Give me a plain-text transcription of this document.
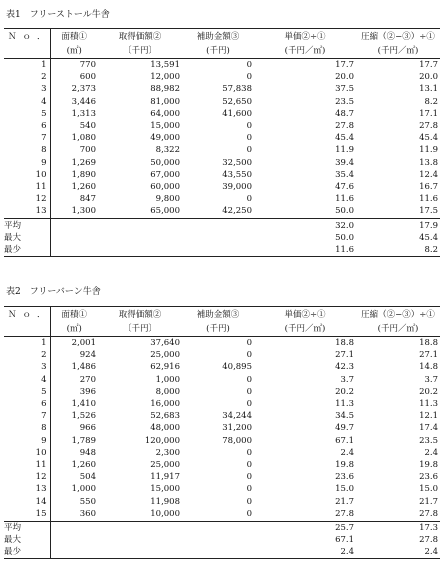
表1　フリーストール牛舎
Ｎｏ．	面積①	取得価額②	補助金額③	単価②÷①	圧縮（②−③）÷①
	(㎡)	〔千円〕	(千円)	(千円／㎡)	(千円／㎡)
1	770	13,591	0	17.7	17.7
2	600	12,000	0	20.0	20.0
3	2,373	88,982	57,838	37.5	13.1
4	3,446	81,000	52,650	23.5	8.2
5	1,313	64,000	41,600	48.7	17.1
6	540	15,000	0	27.8	27.8
7	1,080	49,000	0	45.4	45.4
8	700	8,322	0	11.9	11.9
9	1,269	50,000	32,500	39.4	13.8
10	1,890	67,000	43,550	35.4	12.4
11	1,260	60,000	39,000	47.6	16.7
12	847	9,800	0	11.6	11.6
13	1,300	65,000	42,250	50.0	17.5
平均				32.0	17.9
最大				50.0	45.4
最少				11.6	8.2
表2　フリーバーン牛舎
Ｎｏ．	面積①	取得価額②	補助金額③	単価②÷①	圧縮（②−③）÷①
	(㎡)	〔千円〕	(千円)	(千円／㎡)	(千円／㎡)
1	2,001	37,640	0	18.8	18.8
2	924	25,000	0	27.1	27.1
3	1,486	62,916	40,895	42.3	14.8
4	270	1,000	0	3.7	3.7
5	396	8,000	0	20.2	20.2
6	1,410	16,000	0	11.3	11.3
7	1,526	52,683	34,244	34.5	12.1
8	966	48,000	31,200	49.7	17.4
9	1,789	120,000	78,000	67.1	23.5
10	948	2,300	0	2.4	2.4
11	1,260	25,000	0	19.8	19.8
12	504	11,917	0	23.6	23.6
13	1,000	15,000	0	15.0	15.0
14	550	11,908	0	21.7	21.7
15	360	10,000	0	27.8	27.8
平均				25.7	17.3
最大				67.1	27.8
最少				2.4	2.4
